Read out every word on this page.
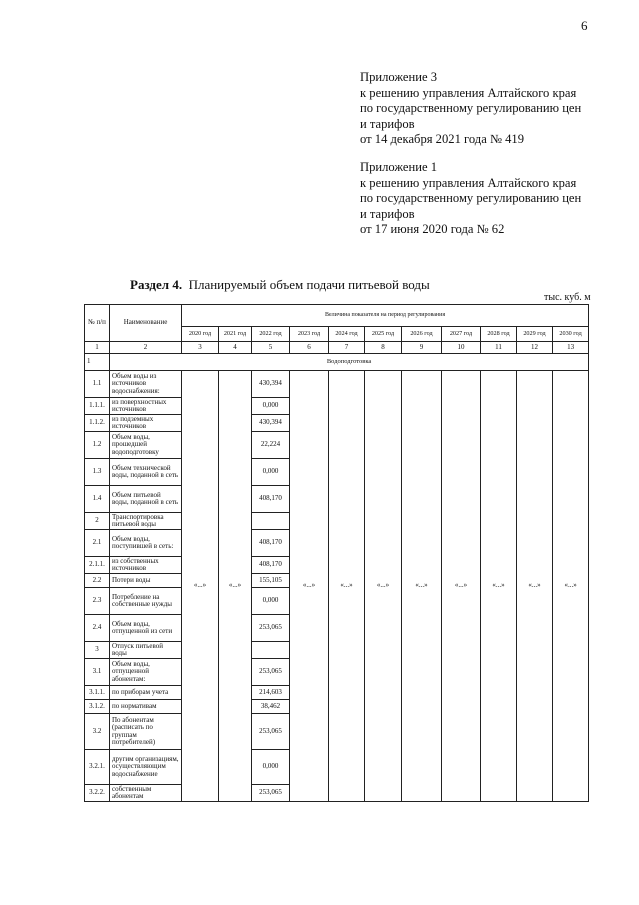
6
Приложение 3
к решению управления Алтайского края
по государственному регулированию цен
и тарифов
от 14 декабря 2021 года № 419
Приложение 1
к решению управления Алтайского края
по государственному регулированию цен
и тарифов
от 17 июня 2020 года № 62
Раздел 4. Планируемый объем подачи питьевой воды
тыс. куб. м
№ п/п	Наименование	Величина показателя на период регулирования										
		2020 год	2021 год	2022 год	2023 год	2024 год	2025 год	2026 год	2027 год	2028 год	2029 год	2030 год
1	2	3	4	5	6	7	8	9	10	11	12	13
1	Водоподготовка											
1.1	Объем воды из источников водоснабжения:	«...»	«...»	430,394	«...»	«...»	«...»	«...»	«...»	«...»	«...»	«...»
1.1.1.	из поверхностных источников			0,000								
1.1.2.	из подземных источников			430,394								
1.2	Объем воды, прошедшей водоподготовку			22,224								
1.3	Объем технической воды, поданной в сеть			0,000								
1.4	Объем питьевой воды, поданной в сеть			408,170								
2	Транспортировка питьевой воды											
2.1	Объем воды, поступившей в сеть:			408,170								
2.1.1.	из собственных источников			408,170								
2.2	Потери воды			155,105								
2.3	Потребление на собственные нужды			0,000								
2.4	Объем воды, отпущенной из сети			253,065								
3	Отпуск питьевой воды											
3.1	Объем воды, отпущенной абонентам:			253,065								
3.1.1.	по приборам учета			214,603								
3.1.2.	по нормативам			38,462								
3.2	По абонентам (расписать по группам потребителей)			253,065								
3.2.1.	другим организациям, осуществляющим водоснабжение			0,000								
3.2.2.	собственным абонентам			253,065								
